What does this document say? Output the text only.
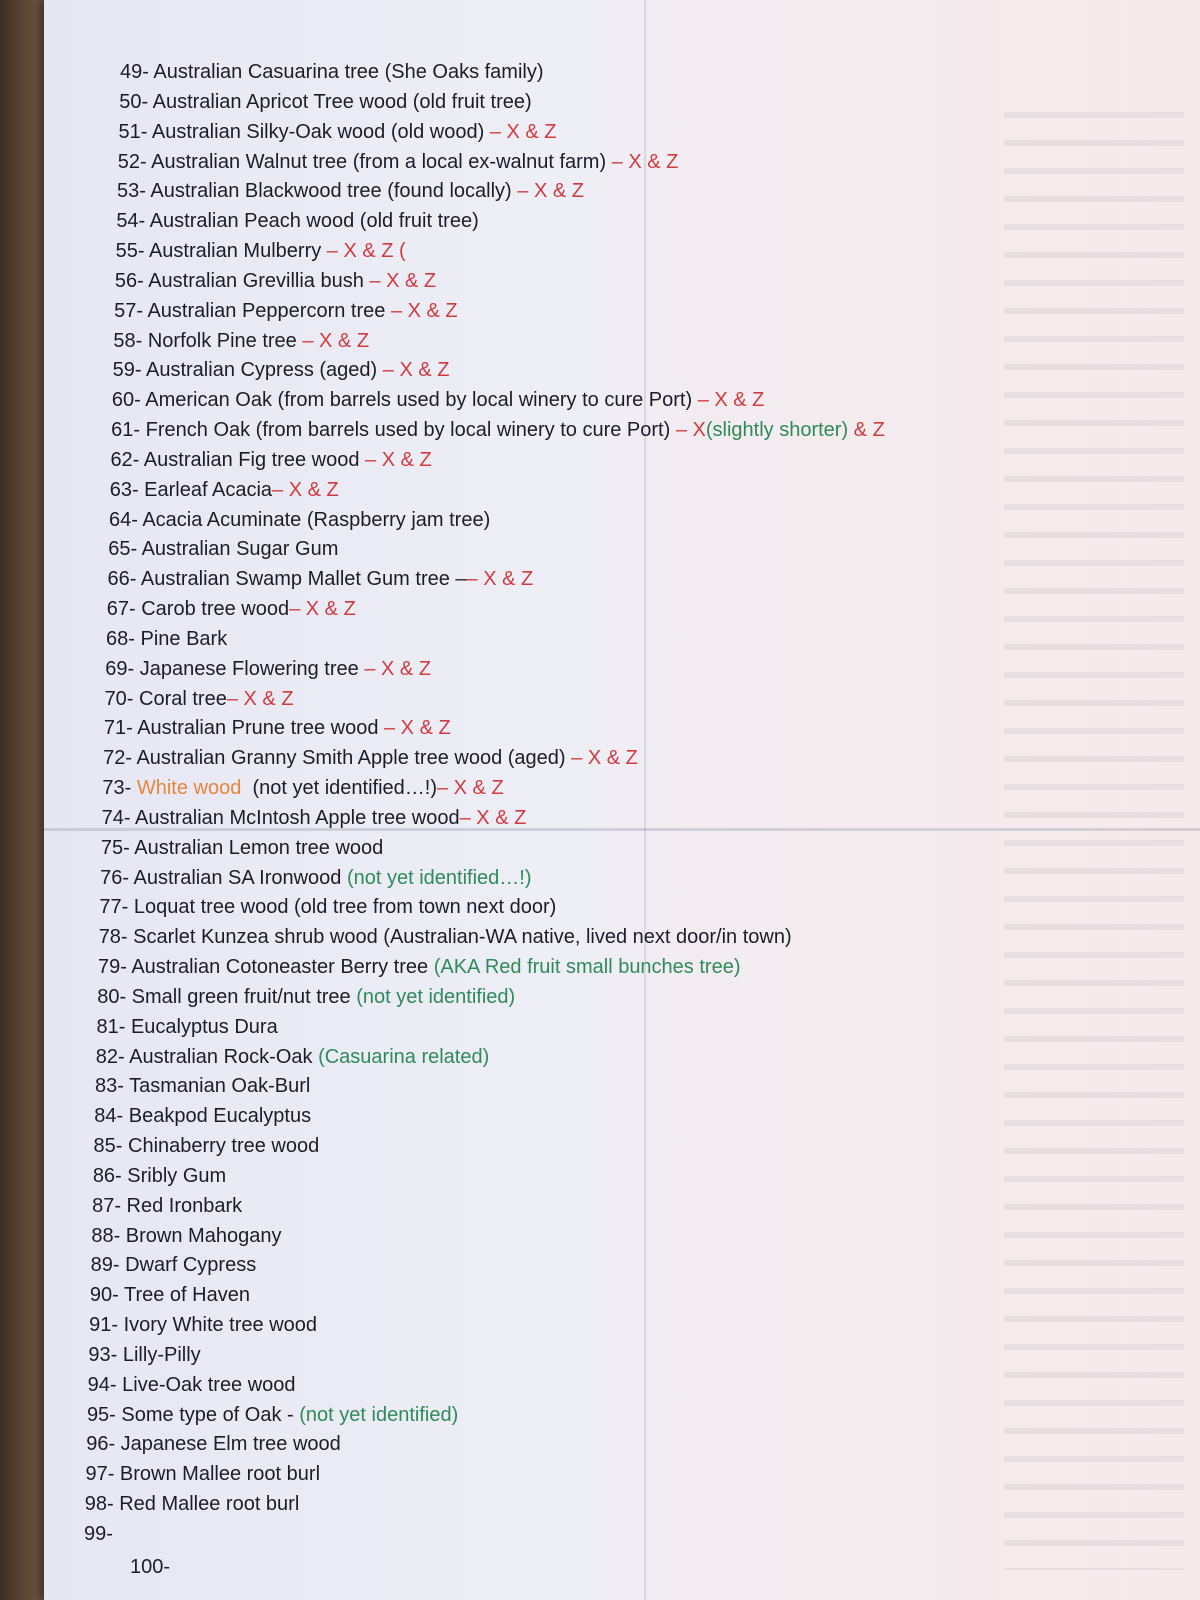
49- Australian Casuarina tree (She Oaks family)
50- Australian Apricot Tree wood (old fruit tree)
51- Australian Silky-Oak wood (old wood) – X & Z
52- Australian Walnut tree (from a local ex-walnut farm) – X & Z
53- Australian Blackwood tree (found locally) – X & Z
54- Australian Peach wood (old fruit tree)
55- Australian Mulberry – X & Z (
56- Australian Grevillia bush – X & Z
57- Australian Peppercorn tree – X & Z
58- Norfolk Pine tree – X & Z
59- Australian Cypress (aged) – X & Z
60- American Oak (from barrels used by local winery to cure Port) – X & Z
61- French Oak (from barrels used by local winery to cure Port) – X(slightly shorter) & Z
62- Australian Fig tree wood – X & Z
63- Earleaf Acacia– X & Z
64- Acacia Acuminate (Raspberry jam tree)
65- Australian Sugar Gum
66- Australian Swamp Mallet Gum tree –– X & Z
67- Carob tree wood– X & Z
68- Pine Bark
69- Japanese Flowering tree – X & Z
70- Coral tree– X & Z
71- Australian Prune tree wood – X & Z
72- Australian Granny Smith Apple tree wood (aged) – X & Z
73- White wood  (not yet identified…!)– X & Z
74- Australian McIntosh Apple tree wood– X & Z
75- Australian Lemon tree wood
76- Australian SA Ironwood (not yet identified…!)
77- Loquat tree wood (old tree from town next door)
78- Scarlet Kunzea shrub wood (Australian-WA native, lived next door/in town)
79- Australian Cotoneaster Berry tree (AKA Red fruit small bunches tree)
80- Small green fruit/nut tree (not yet identified)
81- Eucalyptus Dura
82- Australian Rock-Oak (Casuarina related)
83- Tasmanian Oak-Burl
84- Beakpod Eucalyptus
85- Chinaberry tree wood
86- Sribly Gum
87- Red Ironbark
88- Brown Mahogany
89- Dwarf Cypress
90- Tree of Haven
91- Ivory White tree wood
93- Lilly-Pilly
94- Live-Oak tree wood
95- Some type of Oak - (not yet identified)
96- Japanese Elm tree wood
97- Brown Mallee root burl
98- Red Mallee root burl
99-
100-
